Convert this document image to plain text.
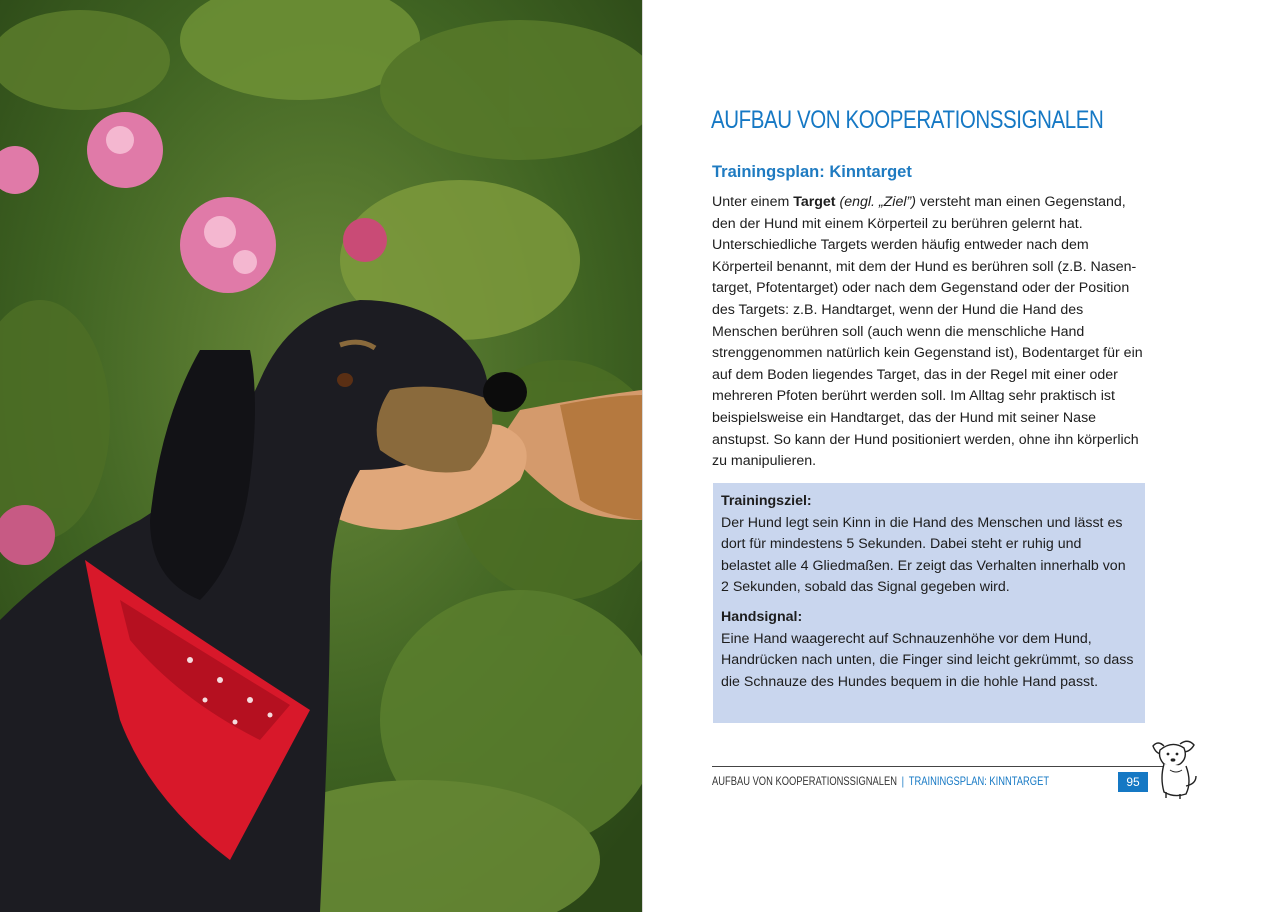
AUFBAU VON KOOPERATIONSSIGNALEN
Trainingsplan: Kinntarget

Unter einem Target (engl. „Ziel”) versteht man einen Gegenstand, den der Hund mit einem Körperteil zu berühren gelernt hat. Unterschiedliche Targets werden häufig entweder nach dem Körperteil benannt, mit dem der Hund es berühren soll (z.B. Nasentarget, Pfotentarget) oder nach dem Gegenstand oder der Position des Targets: z.B. Handtarget, wenn der Hund die Hand des Menschen berühren soll (auch wenn die menschliche Hand strenggenommen natürlich kein Gegenstand ist), Bodentarget für ein auf dem Boden liegendes Target, das in der Regel mit einer oder mehreren Pfoten berührt werden soll. Im Alltag sehr praktisch ist beispielsweise ein Handtarget, das der Hund mit seiner Nase anstupst. So kann der Hund positioniert werden, ohne ihn körperlich zu manipulieren.

Trainingsziel:
Der Hund legt sein Kinn in die Hand des Menschen und lässt es dort für mindestens 5 Sekunden. Dabei steht er ruhig und belastet alle 4 Gliedmaßen. Er zeigt das Verhalten innerhalb von 2 Sekunden, sobald das Signal gegeben wird.
Handsignal:
Eine Hand waagerecht auf Schnauzenhöhe vor dem Hund, Handrücken nach unten, die Finger sind leicht gekrümmt, so dass die Schnauze des Hundes bequem in die hohle Hand passt.
AUFBAU VON KOOPERATIONSSIGNALEN | TRAININGSPLAN: KINNTARGET	95
